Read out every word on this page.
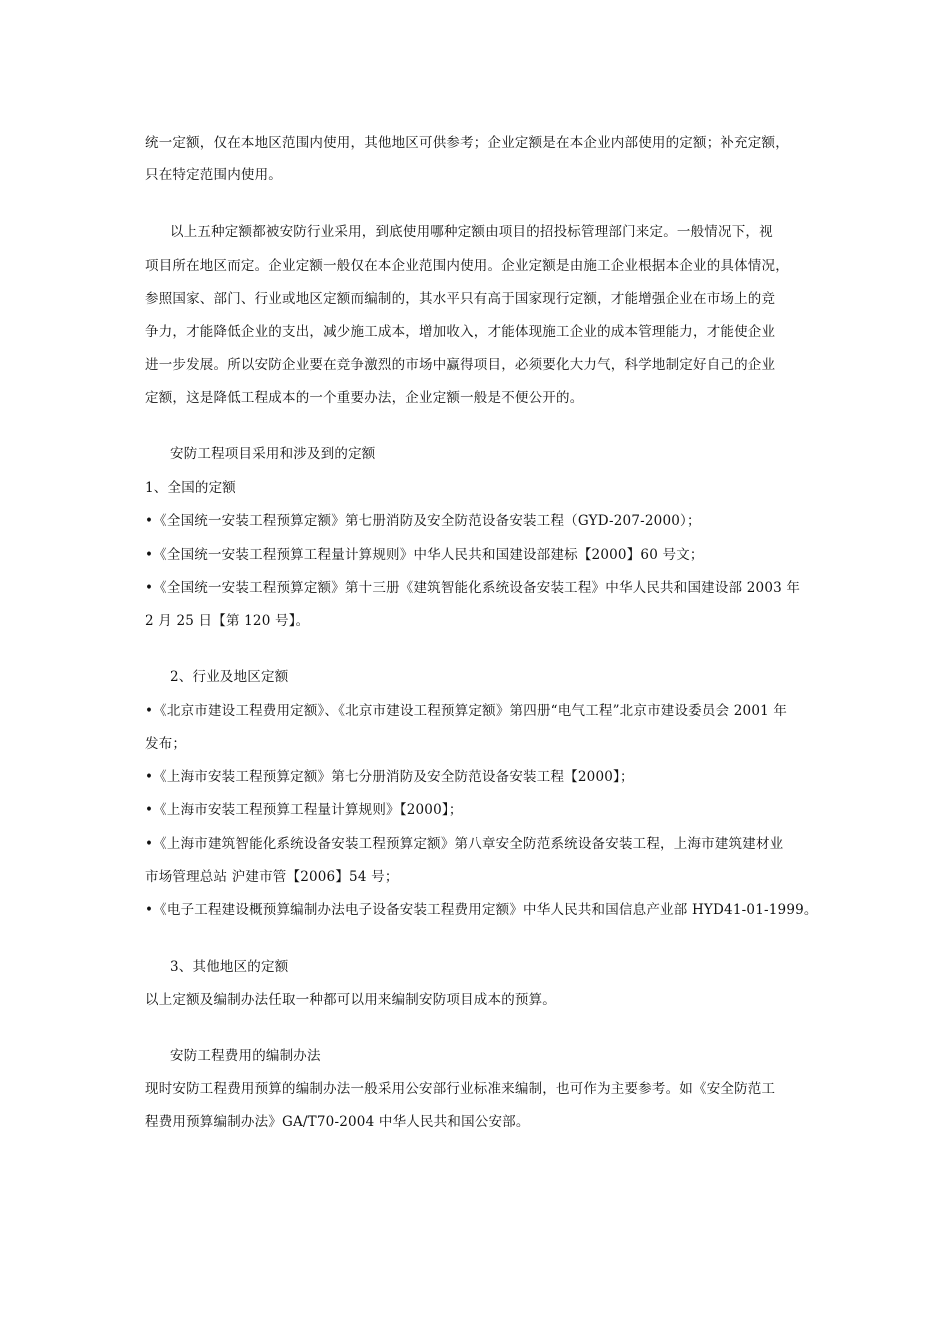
统一定额，仅在本地区范围内使用，其他地区可供参考；企业定额是在本企业内部使用的定额；补充定额，
只在特定范围内使用。
以上五种定额都被安防行业采用，到底使用哪种定额由项目的招投标管理部门来定。一般情况下，视
项目所在地区而定。企业定额一般仅在本企业范围内使用。企业定额是由施工企业根据本企业的具体情况，
参照国家、部门、行业或地区定额而编制的，其水平只有高于国家现行定额，才能增强企业在市场上的竞
争力，才能降低企业的支出，减少施工成本，增加收入，才能体现施工企业的成本管理能力，才能使企业
进一步发展。所以安防企业要在竞争激烈的市场中赢得项目，必须要化大力气，科学地制定好自己的企业
定额，这是降低工程成本的一个重要办法，企业定额一般是不便公开的。
安防工程项目采用和涉及到的定额
1、全国的定额
•《全国统一安装工程预算定额》第七册消防及安全防范设备安装工程（GYD-207-2000）；
•《全国统一安装工程预算工程量计算规则》中华人民共和国建设部建标【2000】60 号文；
•《全国统一安装工程预算定额》第十三册《建筑智能化系统设备安装工程》中华人民共和国建设部 2003 年
2 月 25 日【第 120 号】。
2、行业及地区定额
•《北京市建设工程费用定额》、《北京市建设工程预算定额》第四册“电气工程”北京市建设委员会 2001 年
发布；
•《上海市安装工程预算定额》第七分册消防及安全防范设备安装工程【2000】；
•《上海市安装工程预算工程量计算规则》【2000】；
•《上海市建筑智能化系统设备安装工程预算定额》第八章安全防范系统设备安装工程，上海市建筑建材业
市场管理总站 沪建市管【2006】54 号；
•《电子工程建设概预算编制办法电子设备安装工程费用定额》中华人民共和国信息产业部 HYD41-01-1999。
3、其他地区的定额
以上定额及编制办法任取一种都可以用来编制安防项目成本的预算。
安防工程费用的编制办法
现时安防工程费用预算的编制办法一般采用公安部行业标准来编制，也可作为主要参考。如《安全防范工
程费用预算编制办法》GA/T70-2004 中华人民共和国公安部。
